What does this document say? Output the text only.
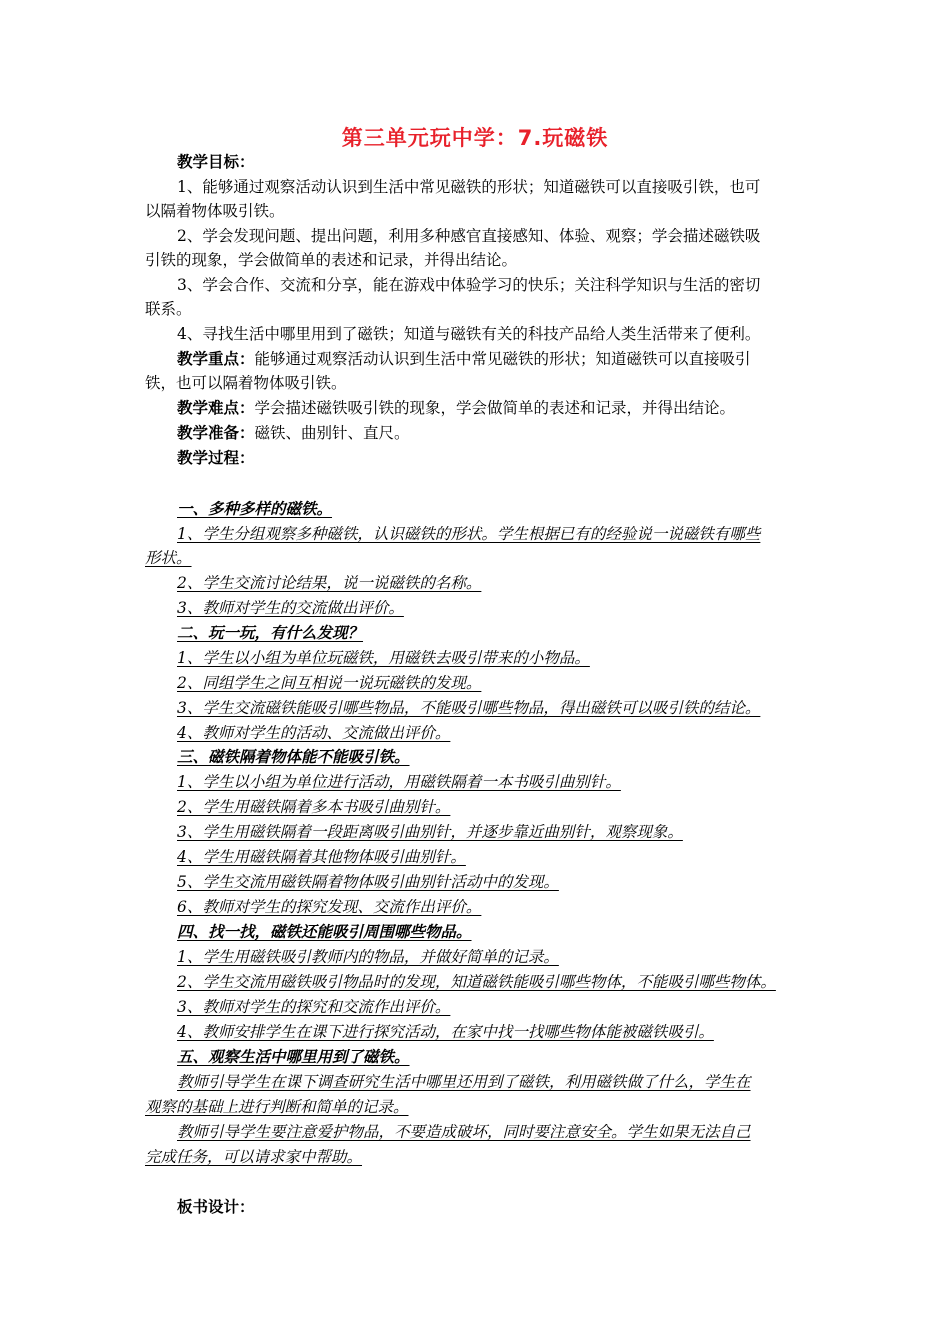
第三单元玩中学：7.玩磁铁
教学目标：
1、能够通过观察活动认识到生活中常见磁铁的形状；知道磁铁可以直接吸引铁，也可
以隔着物体吸引铁。
2、学会发现问题、提出问题，利用多种感官直接感知、体验、观察；学会描述磁铁吸
引铁的现象，学会做简单的表述和记录，并得出结论。
3、学会合作、交流和分享，能在游戏中体验学习的快乐；关注科学知识与生活的密切
联系。
4、寻找生活中哪里用到了磁铁；知道与磁铁有关的科技产品给人类生活带来了便利。
教学重点：能够通过观察活动认识到生活中常见磁铁的形状；知道磁铁可以直接吸引
铁，也可以隔着物体吸引铁。
教学难点：学会描述磁铁吸引铁的现象，学会做简单的表述和记录，并得出结论。
教学准备：磁铁、曲别针、直尺。
教学过程：
一、多种多样的磁铁。
1、学生分组观察多种磁铁，认识磁铁的形状。学生根据已有的经验说一说磁铁有哪些
形状。
2、学生交流讨论结果，说一说磁铁的名称。
3、教师对学生的交流做出评价。
二、玩一玩，有什么发现？
1、学生以小组为单位玩磁铁，用磁铁去吸引带来的小物品。
2、同组学生之间互相说一说玩磁铁的发现。
3、学生交流磁铁能吸引哪些物品，不能吸引哪些物品，得出磁铁可以吸引铁的结论。
4、教师对学生的活动、交流做出评价。
三、磁铁隔着物体能不能吸引铁。
1、学生以小组为单位进行活动，用磁铁隔着一本书吸引曲别针。
2、学生用磁铁隔着多本书吸引曲别针。
3、学生用磁铁隔着一段距离吸引曲别针，并逐步靠近曲别针，观察现象。
4、学生用磁铁隔着其他物体吸引曲别针。
5、学生交流用磁铁隔着物体吸引曲别针活动中的发现。
6、教师对学生的探究发现、交流作出评价。
四、找一找，磁铁还能吸引周围哪些物品。
1、学生用磁铁吸引教师内的物品，并做好简单的记录。
2、学生交流用磁铁吸引物品时的发现，知道磁铁能吸引哪些物体，不能吸引哪些物体。
3、教师对学生的探究和交流作出评价。
4、教师安排学生在课下进行探究活动，在家中找一找哪些物体能被磁铁吸引。
五、观察生活中哪里用到了磁铁。
教师引导学生在课下调查研究生活中哪里还用到了磁铁，利用磁铁做了什么，学生在
观察的基础上进行判断和简单的记录。
教师引导学生要注意爱护物品，不要造成破坏，同时要注意安全。学生如果无法自己
完成任务，可以请求家中帮助。
板书设计：
